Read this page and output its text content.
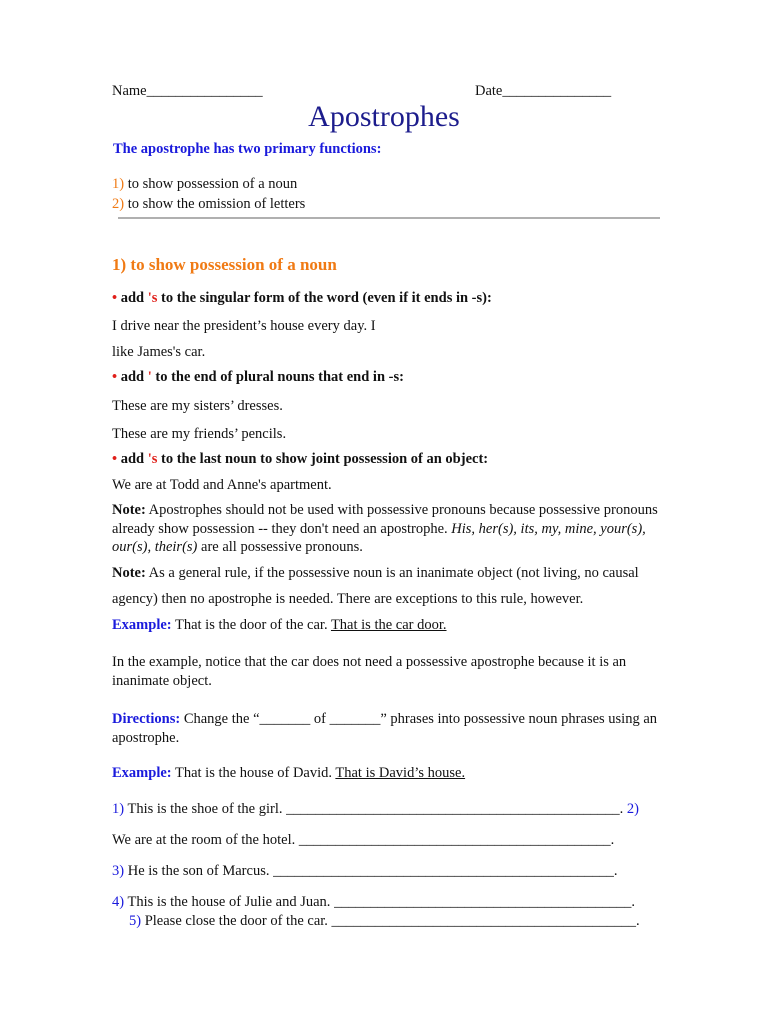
Name________________	Date_______________
Apostrophes
The apostrophe has two primary functions:
1) to show possession of a noun
2) to show the omission of letters
1) to show possession of a noun
• add 's to the singular form of the word (even if it ends in -s):
I drive near the president’s house every day. I
like James's car.
• add ' to the end of plural nouns that end in -s:
These are my sisters’ dresses.
These are my friends’ pencils.
• add 's to the last noun to show joint possession of an object:
We are at Todd and Anne's apartment.
Note: Apostrophes should not be used with possessive pronouns because possessive pronouns already show possession -- they don't need an apostrophe. His, her(s), its, my, mine, your(s), our(s), their(s) are all possessive pronouns.
Note: As a general rule, if the possessive noun is an inanimate object (not living, no causal
agency) then no apostrophe is needed. There are exceptions to this rule, however.
Example: That is the door of the car. That is the car door.
In the example, notice that the car does not need a possessive apostrophe because it is an inanimate object.
Directions: Change the “_______ of _______” phrases into possessive noun phrases using an apostrophe.
Example: That is the house of David. That is David’s house.
1) This is the shoe of the girl. ______________________________________________. 2)
We are at the room of the hotel. ___________________________________________.
3) He is the son of Marcus. _______________________________________________.
4) This is the house of Julie and Juan. _________________________________________.
5) Please close the door of the car. __________________________________________.
